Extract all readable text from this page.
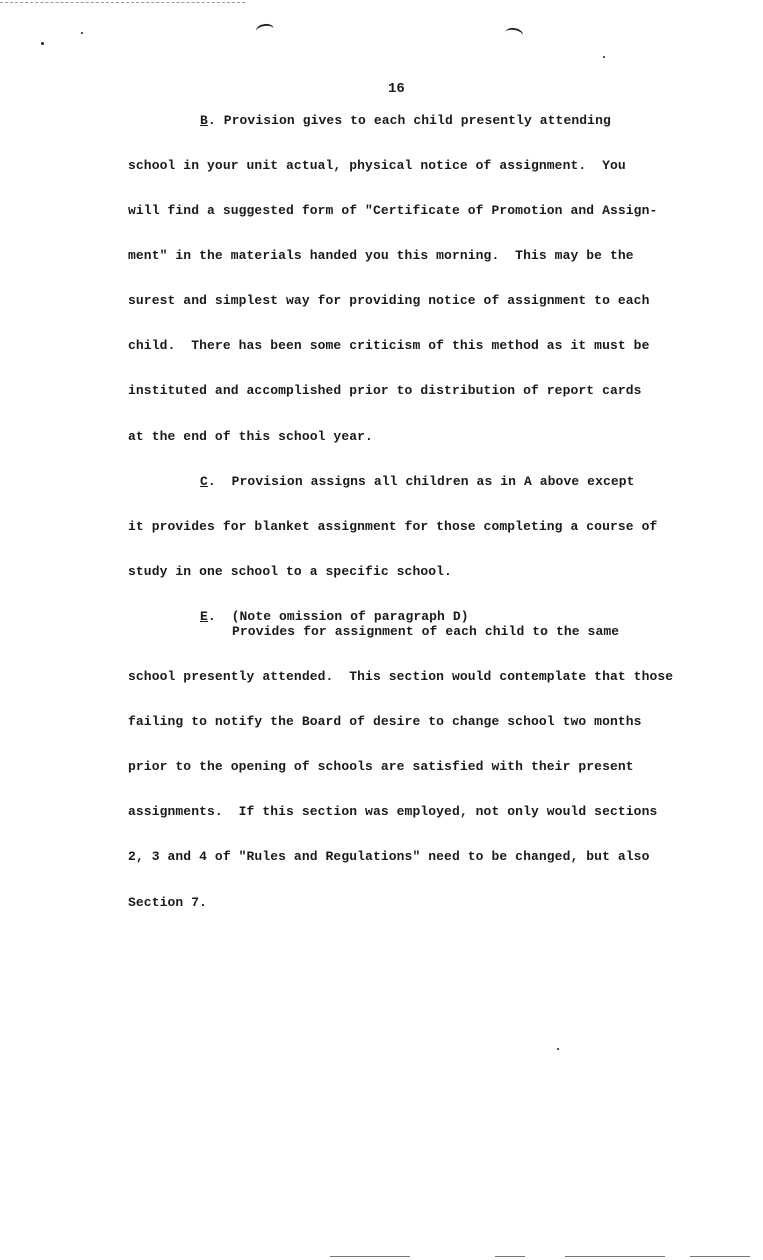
16
B. Provision gives to each child presently attending
school in your unit actual, physical notice of assignment.  You
will find a suggested form of "Certificate of Promotion and Assign-
ment" in the materials handed you this morning.  This may be the
surest and simplest way for providing notice of assignment to each
child.  There has been some criticism of this method as it must be
instituted and accomplished prior to distribution of report cards
at the end of this school year.
C.  Provision assigns all children as in A above except
it provides for blanket assignment for those completing a course of
study in one school to a specific school.
E.  (Note omission of paragraph D)
Provides for assignment of each child to the same
school presently attended.  This section would contemplate that those
failing to notify the Board of desire to change school two months
prior to the opening of schools are satisfied with their present
assignments.  If this section was employed, not only would sections
2, 3 and 4 of "Rules and Regulations" need to be changed, but also
Section 7.
